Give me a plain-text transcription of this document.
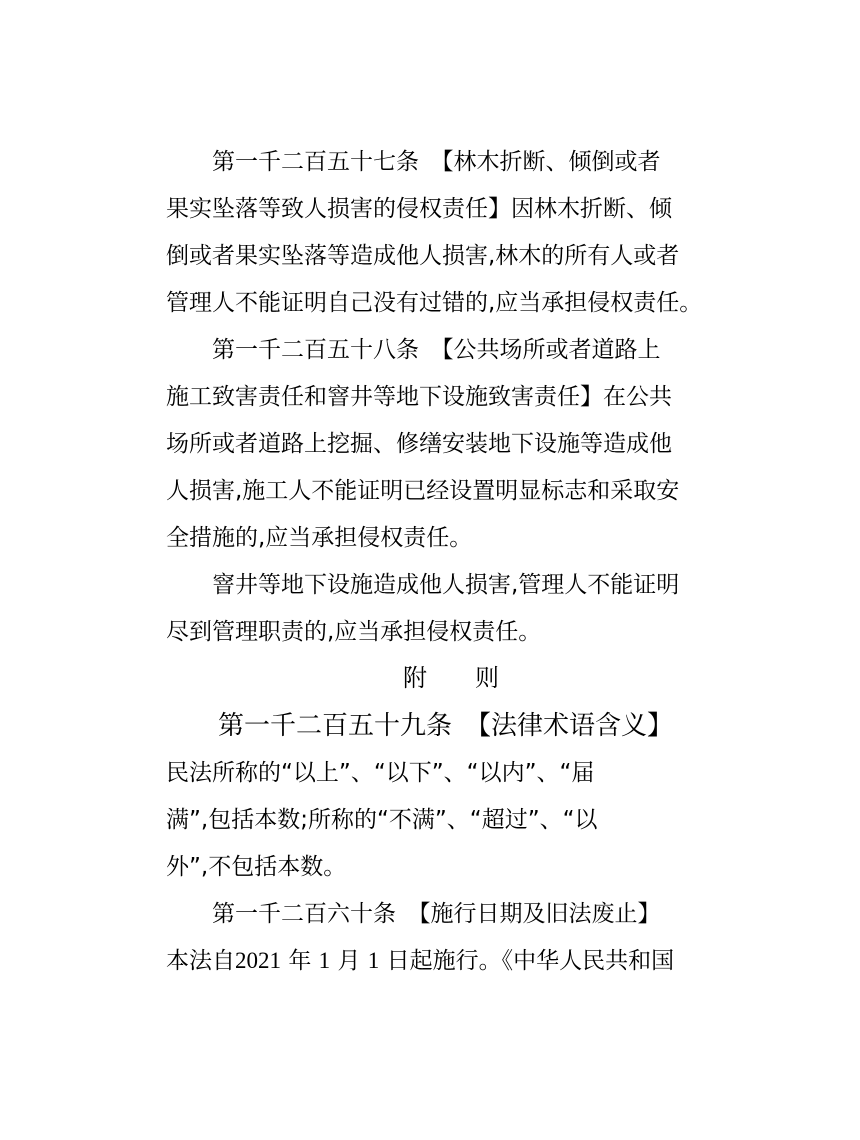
第一千二百五十七条　【林木折断、倾倒或者
果实坠落等致人损害的侵权责任】因林木折断、倾
倒或者果实坠落等造成他人损害,林木的所有人或者
管理人不能证明自己没有过错的,应当承担侵权责任。
第一千二百五十八条　【公共场所或者道路上
施工致害责任和窨井等地下设施致害责任】在公共
场所或者道路上挖掘、修缮安装地下设施等造成他
人损害,施工人不能证明已经设置明显标志和采取安
全措施的,应当承担侵权责任。
窨井等地下设施造成他人损害,管理人不能证明
尽到管理职责的,应当承担侵权责任。
附　　则
第一千二百五十九条　【法律术语含义】
民法所称的“以上”、“以下”、“以内”、“届
满”,包括本数;所称的“不满”、“超过”、“以
外”,不包括本数。
第一千二百六十条　【施行日期及旧法废止】
本法自2021 年 1 月 1 日起施行。《中华人民共和国
